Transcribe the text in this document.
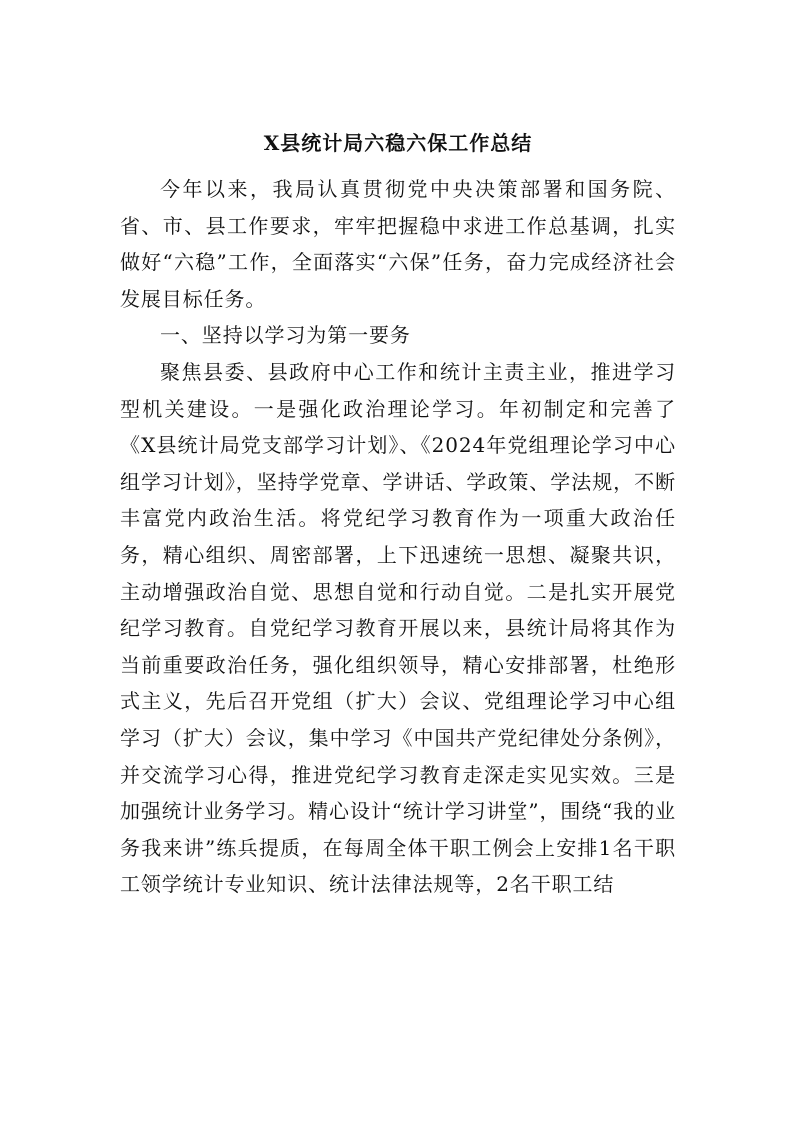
X县统计局六稳六保工作总结

今年以来，我局认真贯彻党中央决策部署和国务院、省、市、县工作要求，牢牢把握稳中求进工作总基调，扎实做好“六稳”工作，全面落实“六保”任务，奋力完成经济社会发展目标任务。

一、坚持以学习为第一要务

聚焦县委、县政府中心工作和统计主责主业，推进学习型机关建设。一是强化政治理论学习。年初制定和完善了《X县统计局党支部学习计划》、《2024年党组理论学习中心组学习计划》，坚持学党章、学讲话、学政策、学法规，不断丰富党内政治生活。将党纪学习教育作为一项重大政治任务，精心组织、周密部署，上下迅速统一思想、凝聚共识，主动增强政治自觉、思想自觉和行动自觉。二是扎实开展党纪学习教育。自党纪学习教育开展以来，县统计局将其作为当前重要政治任务，强化组织领导，精心安排部署，杜绝形式主义，先后召开党组（扩大）会议、党组理论学习中心组学习（扩大）会议，集中学习《中国共产党纪律处分条例》，并交流学习心得，推进党纪学习教育走深走实见实效。三是加强统计业务学习。精心设计“统计学习讲堂”，围绕“我的业务我来讲”练兵提质，在每周全体干职工例会上安排1名干职工领学统计专业知识、统计法律法规等，2名干职工结
